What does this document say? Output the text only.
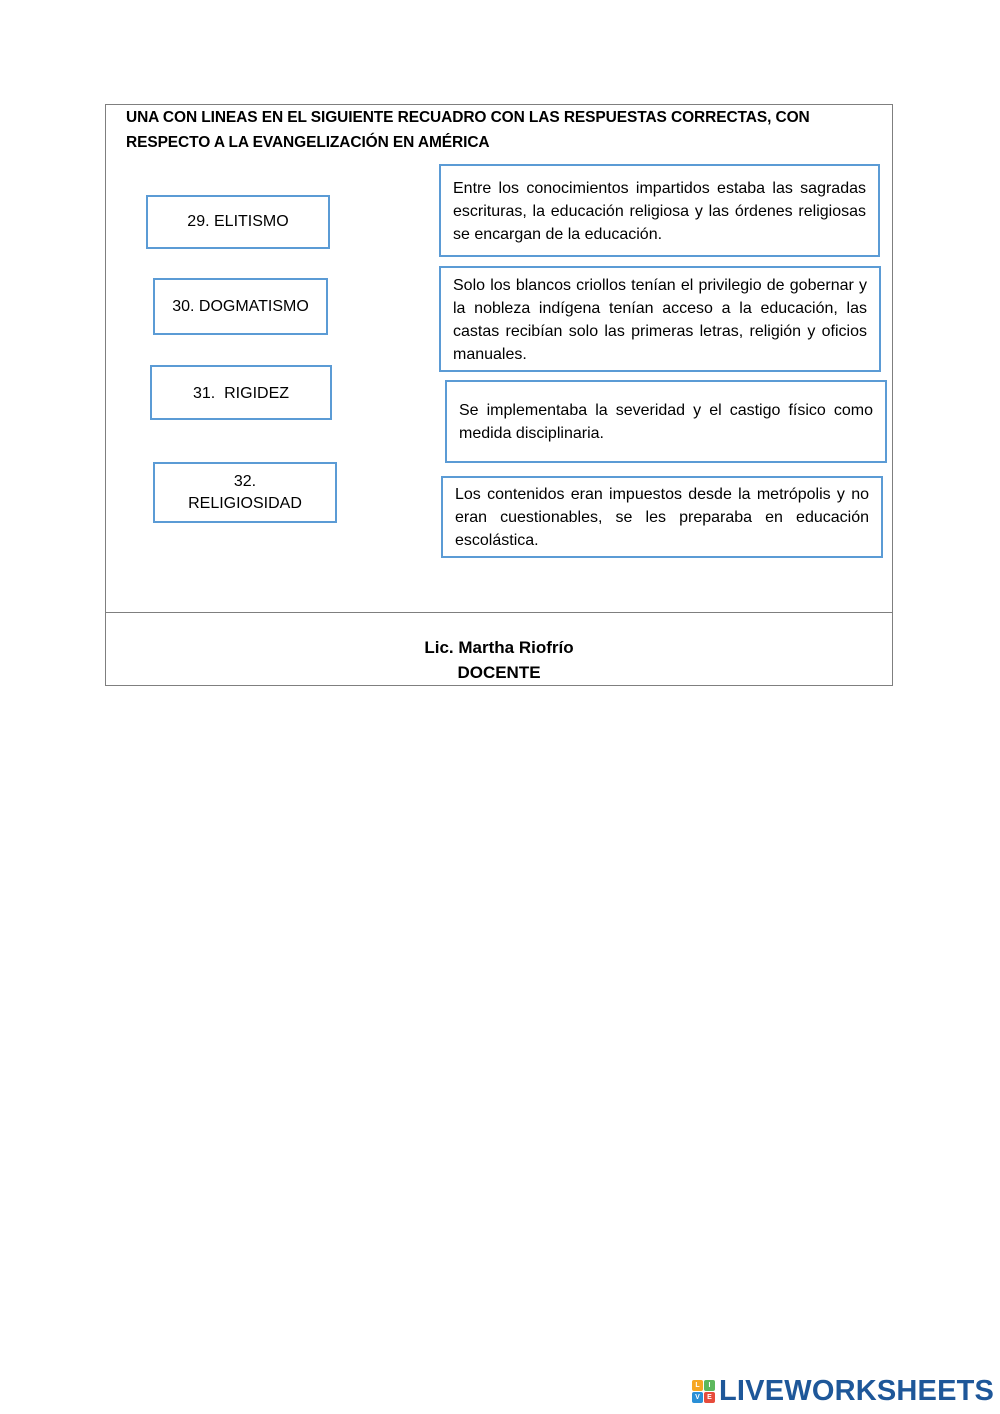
UNA CON LINEAS EN EL SIGUIENTE RECUADRO CON LAS RESPUESTAS CORRECTAS, CON RESPECTO A LA EVANGELIZACIÓN EN AMÉRICA
29. ELITISMO
30. DOGMATISMO
31. RIGIDEZ
32.
RELIGIOSIDAD
Entre los conocimientos impartidos estaba las sagradas escrituras, la educación religiosa y las órdenes religiosas se encargan de la educación.
Solo los blancos criollos tenían el privilegio de gobernar y la nobleza indígena tenían acceso a la educación, las castas recibían solo las primeras letras, religión y oficios manuales.
Se implementaba la severidad y el castigo físico como medida disciplinaria.
Los contenidos eran impuestos desde la metrópolis y no eran cuestionables, se les preparaba en educación escolástica.
Lic. Martha Riofrío
DOCENTE
L	I
V	E LIVEWORKSHEETS
